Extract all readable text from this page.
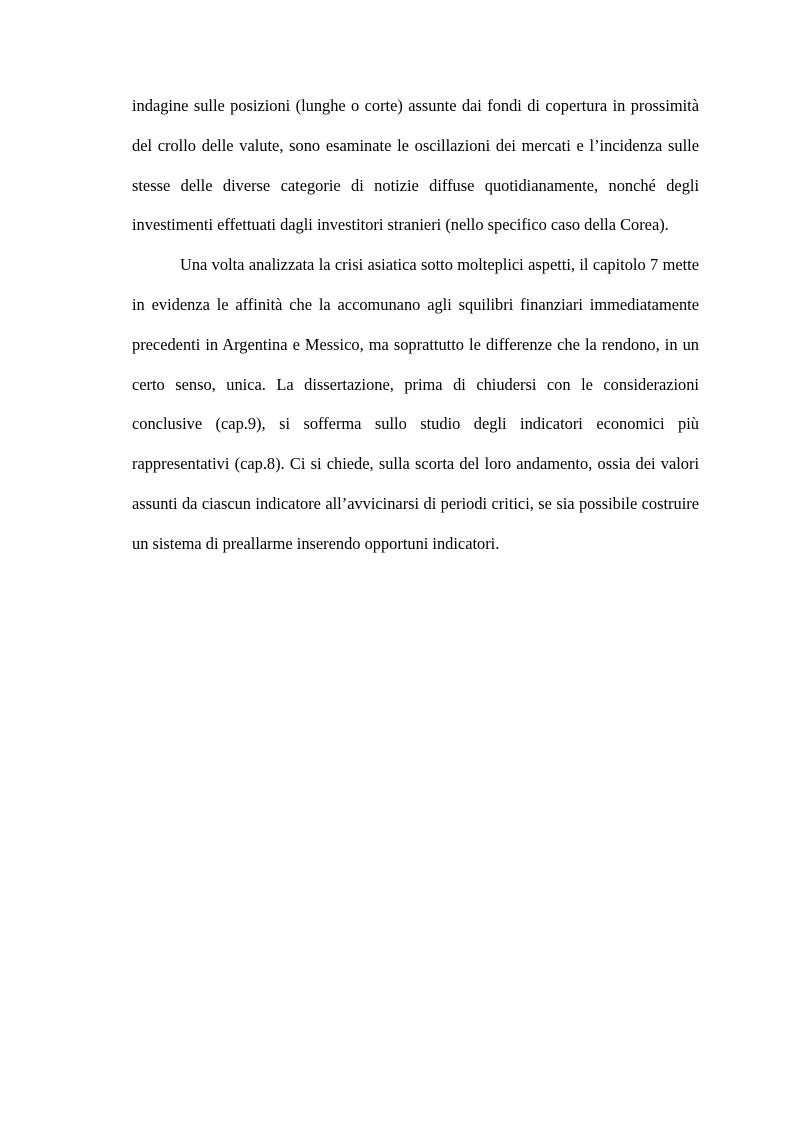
indagine sulle posizioni (lunghe o corte) assunte dai fondi di copertura in prossimità del crollo delle valute, sono esaminate le oscillazioni dei mercati e l’incidenza sulle stesse delle diverse categorie di notizie diffuse quotidianamente, nonché degli investimenti effettuati dagli investitori stranieri (nello specifico caso della Corea).

Una volta analizzata la crisi asiatica sotto molteplici aspetti, il capitolo 7 mette in evidenza le affinità che la accomunano agli squilibri finanziari immediatamente precedenti in Argentina e Messico, ma soprattutto le differenze che la rendono, in un certo senso, unica. La dissertazione, prima di chiudersi con le considerazioni conclusive (cap.9), si sofferma sullo studio degli indicatori economici più rappresentativi (cap.8). Ci si chiede, sulla scorta del loro andamento, ossia dei valori assunti da ciascun indicatore all’avvicinarsi di periodi critici, se sia possibile costruire un sistema di preallarme inserendo opportuni indicatori.
